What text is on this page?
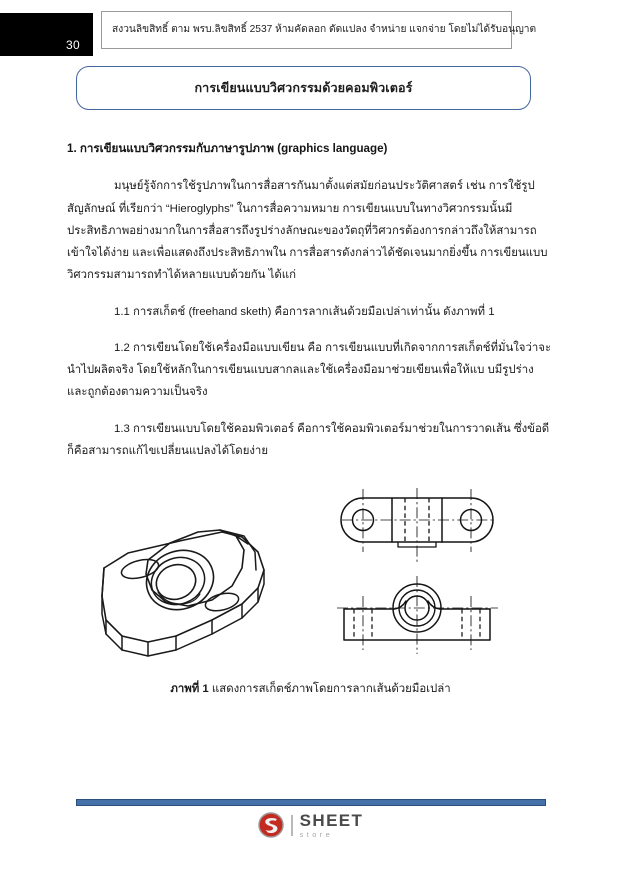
30
สงวนลิขสิทธิ์ ตาม พรบ.ลิขสิทธิ์ 2537 ห้ามคัดลอก ดัดแปลง จำหน่าย แจกจ่าย โดยไม่ได้รับอนุญาต
การเขียนแบบวิศวกรรมด้วยคอมพิวเตอร์

1. การเขียนแบบวิศวกรรมกับภาษารูปภาพ (graphics language)

มนุษย์รู้จักการใช้รูปภาพในการสื่อสารกันมาตั้งแต่สมัยก่อนประวัติศาสตร์ เช่น การใช้รูปสัญลักษณ์ ที่เรียกว่า “Hieroglyphs” ในการสื่อความหมาย การเขียนแบบในทางวิศวกรรมนั้นมีประสิทธิภาพอย่างมากในการสื่อสารถึงรูปร่างลักษณะของวัตถุที่วิศวกรต้องการกล่าวถึงให้สามารถเข้าใจได้ง่าย และเพื่อแสดงถึงประสิทธิภาพใน การสื่อสารดังกล่าวได้ชัดเจนมากยิ่งขึ้น การเขียนแบบวิศวกรรมสามารถทำได้หลายแบบด้วยกัน ได้แก่

1.1 การสเก็ตช์ (freehand sketh) คือการลากเส้นด้วยมือเปล่าเท่านั้น ดังภาพที่ 1

1.2 การเขียนโดยใช้เครื่องมือแบบเขียน คือ การเขียนแบบที่เกิดจากการสเก็ตช์ที่มั่นใจว่าจะนำไปผลิตจริง โดยใช้หลักในการเขียนแบบสากลและใช้เครื่องมือมาช่วยเขียนเพื่อให้แบ บมีรูปร่างและถูกต้องตามความเป็นจริง

1.3 การเขียนแบบโดยใช้คอมพิวเตอร์ คือการใช้คอมพิวเตอร์มาช่วยในการวาดเส้น ซึ่งข้อดีก็คือสามารถแก้ไขเปลี่ยนแปลงได้โดยง่าย

ภาพที่ 1 แสดงการสเก็ตช์ภาพโดยการลากเส้นด้วยมือเปล่า
SHEET
store
